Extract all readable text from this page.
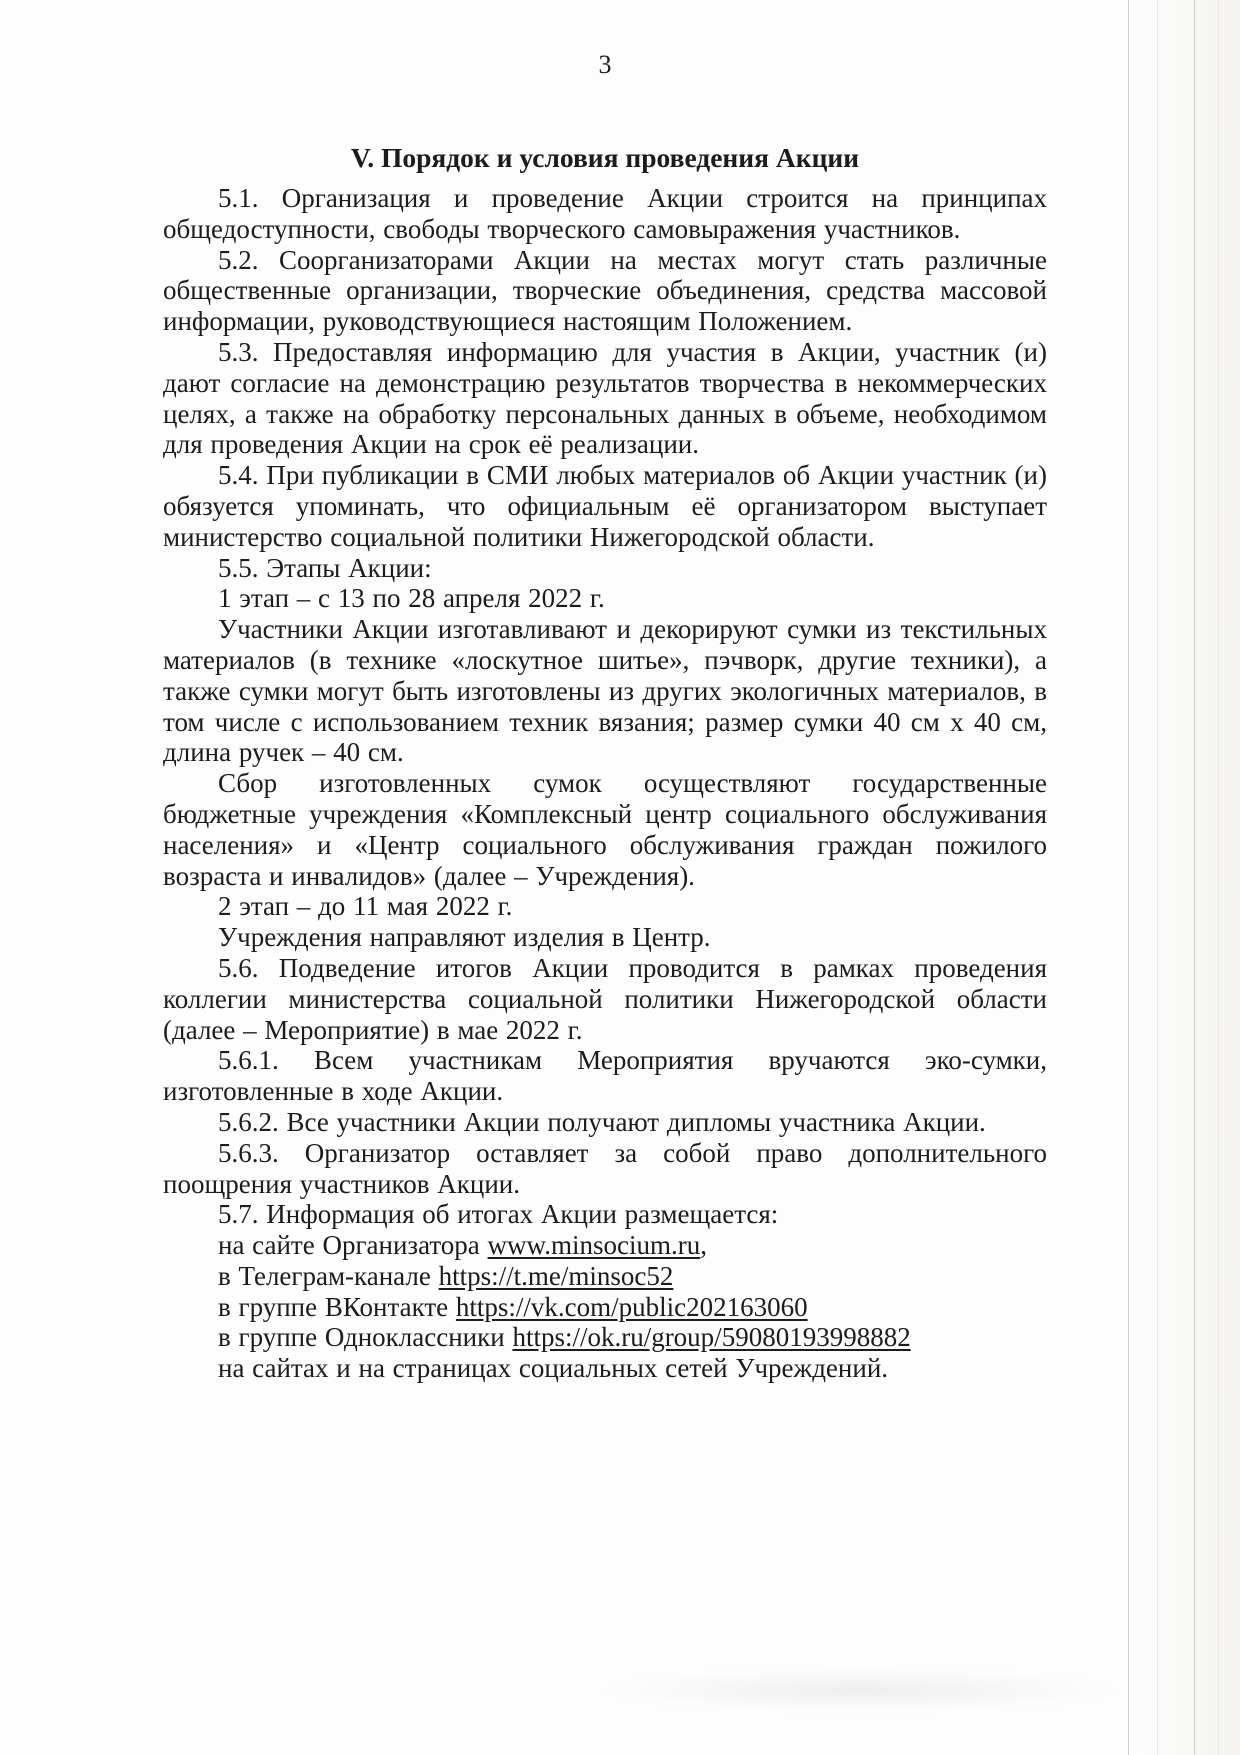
3
V. Порядок и условия проведения Акции

5.1. Организация и проведение Акции строится на принципах общедоступности, свободы творческого самовыражения участников.

5.2. Соорганизаторами Акции на местах могут стать различные общественные организации, творческие объединения, средства массовой информации, руководствующиеся настоящим Положением.

5.3. Предоставляя информацию для участия в Акции, участник (и) дают согласие на демонстрацию результатов творчества в некоммерческих целях, а также на обработку персональных данных в объеме, необходимом для проведения Акции на срок её реализации.

5.4. При публикации в СМИ любых материалов об Акции участник (и) обязуется упоминать, что официальным её организатором выступает министерство социальной политики Нижегородской области.

5.5. Этапы Акции:

1 этап – с 13 по 28 апреля 2022 г.

Участники Акции изготавливают и декорируют сумки из текстильных материалов (в технике «лоскутное шитье», пэчворк, другие техники), а также сумки могут быть изготовлены из других экологичных материалов, в том числе с использованием техник вязания; размер сумки 40 см х 40 см, длина ручек – 40 см.

Сбор изготовленных сумок осуществляют государственные бюджетные учреждения «Комплексный центр социального обслуживания населения» и «Центр социального обслуживания граждан пожилого возраста и инвалидов» (далее – Учреждения).

2 этап – до 11 мая 2022 г.

Учреждения направляют изделия в Центр.

5.6. Подведение итогов Акции проводится в рамках проведения коллегии министерства социальной политики Нижегородской области (далее – Мероприятие) в мае 2022 г.

5.6.1. Всем участникам Мероприятия вручаются эко-сумки, изготовленные в ходе Акции.

5.6.2. Все участники Акции получают дипломы участника Акции.

5.6.3. Организатор оставляет за собой право дополнительного поощрения участников Акции.

5.7. Информация об итогах Акции размещается:

на сайте Организатора www.minsocium.ru,

в Телеграм-канале https://t.me/minsoc52

в группе ВКонтакте https://vk.com/public202163060

в группе Одноклассники https://ok.ru/group/59080193998882

на сайтах и на страницах социальных сетей Учреждений.
